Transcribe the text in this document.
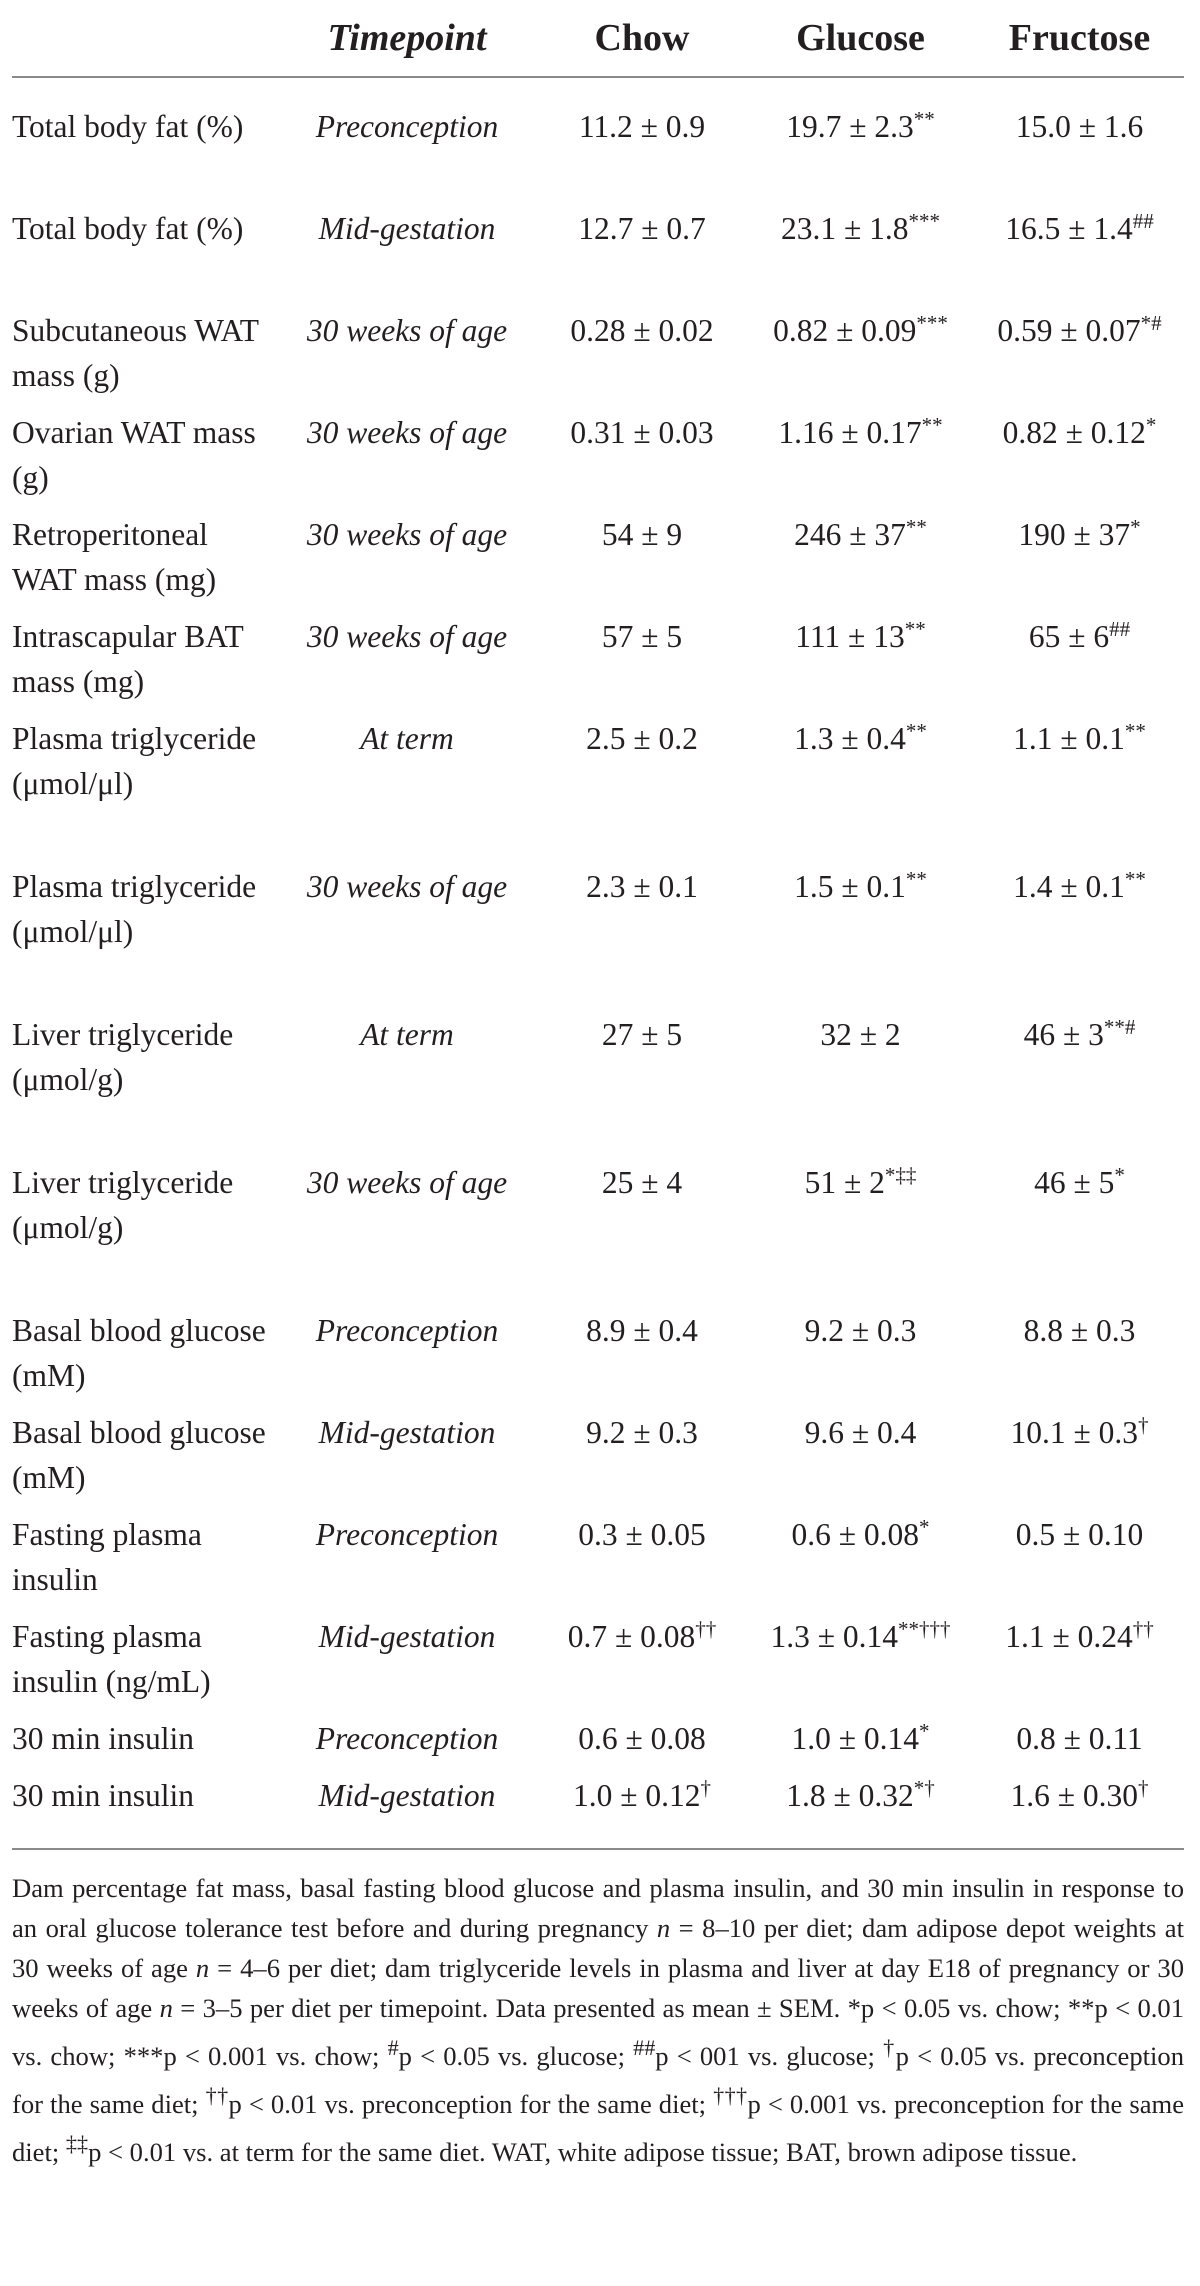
	Timepoint	Chow	Glucose	Fructose
Total body fat (%)	Preconception	11.2 ± 0.9	19.7 ± 2.3**	15.0 ± 1.6
Total body fat (%)	Mid-gestation	12.7 ± 0.7	23.1 ± 1.8***	16.5 ± 1.4##
Subcutaneous WAT mass (g)	30 weeks of age	0.28 ± 0.02	0.82 ± 0.09***	0.59 ± 0.07*#
Ovarian WAT mass (g)	30 weeks of age	0.31 ± 0.03	1.16 ± 0.17**	0.82 ± 0.12*
Retroperitoneal WAT mass (mg)	30 weeks of age	54 ± 9	246 ± 37**	190 ± 37*
Intrascapular BAT mass (mg)	30 weeks of age	57 ± 5	111 ± 13**	65 ± 6##
Plasma triglyceride (μmol/μl)	At term	2.5 ± 0.2	1.3 ± 0.4**	1.1 ± 0.1**
Plasma triglyceride (μmol/μl)	30 weeks of age	2.3 ± 0.1	1.5 ± 0.1**	1.4 ± 0.1**
Liver triglyceride (μmol/g)	At term	27 ± 5	32 ± 2	46 ± 3**#
Liver triglyceride (μmol/g)	30 weeks of age	25 ± 4	51 ± 2*‡‡	46 ± 5*
Basal blood glucose (mM)	Preconception	8.9 ± 0.4	9.2 ± 0.3	8.8 ± 0.3
Basal blood glucose (mM)	Mid-gestation	9.2 ± 0.3	9.6 ± 0.4	10.1 ± 0.3†
Fasting plasma insulin	Preconception	0.3 ± 0.05	0.6 ± 0.08*	0.5 ± 0.10
Fasting plasma insulin (ng/mL)	Mid-gestation	0.7 ± 0.08††	1.3 ± 0.14**†††	1.1 ± 0.24††
30 min insulin	Preconception	0.6 ± 0.08	1.0 ± 0.14*	0.8 ± 0.11
30 min insulin	Mid-gestation	1.0 ± 0.12†	1.8 ± 0.32*†	1.6 ± 0.30†

Dam percentage fat mass, basal fasting blood glucose and plasma insulin, and 30 min insulin in response to an oral glucose tolerance test before and during pregnancy n = 8–10 per diet; dam adipose depot weights at 30 weeks of age n = 4–6 per diet; dam triglyceride levels in plasma and liver at day E18 of pregnancy or 30 weeks of age n = 3–5 per diet per timepoint. Data presented as mean ± SEM. *p < 0.05 vs. chow; **p < 0.01 vs. chow; ***p < 0.001 vs. chow; #p < 0.05 vs. glucose; ##p < 001 vs. glucose; †p < 0.05 vs. preconception for the same diet; ††p < 0.01 vs. preconception for the same diet; †††p < 0.001 vs. preconception for the same diet; ‡‡p < 0.01 vs. at term for the same diet. WAT, white adipose tissue; BAT, brown adipose tissue.
